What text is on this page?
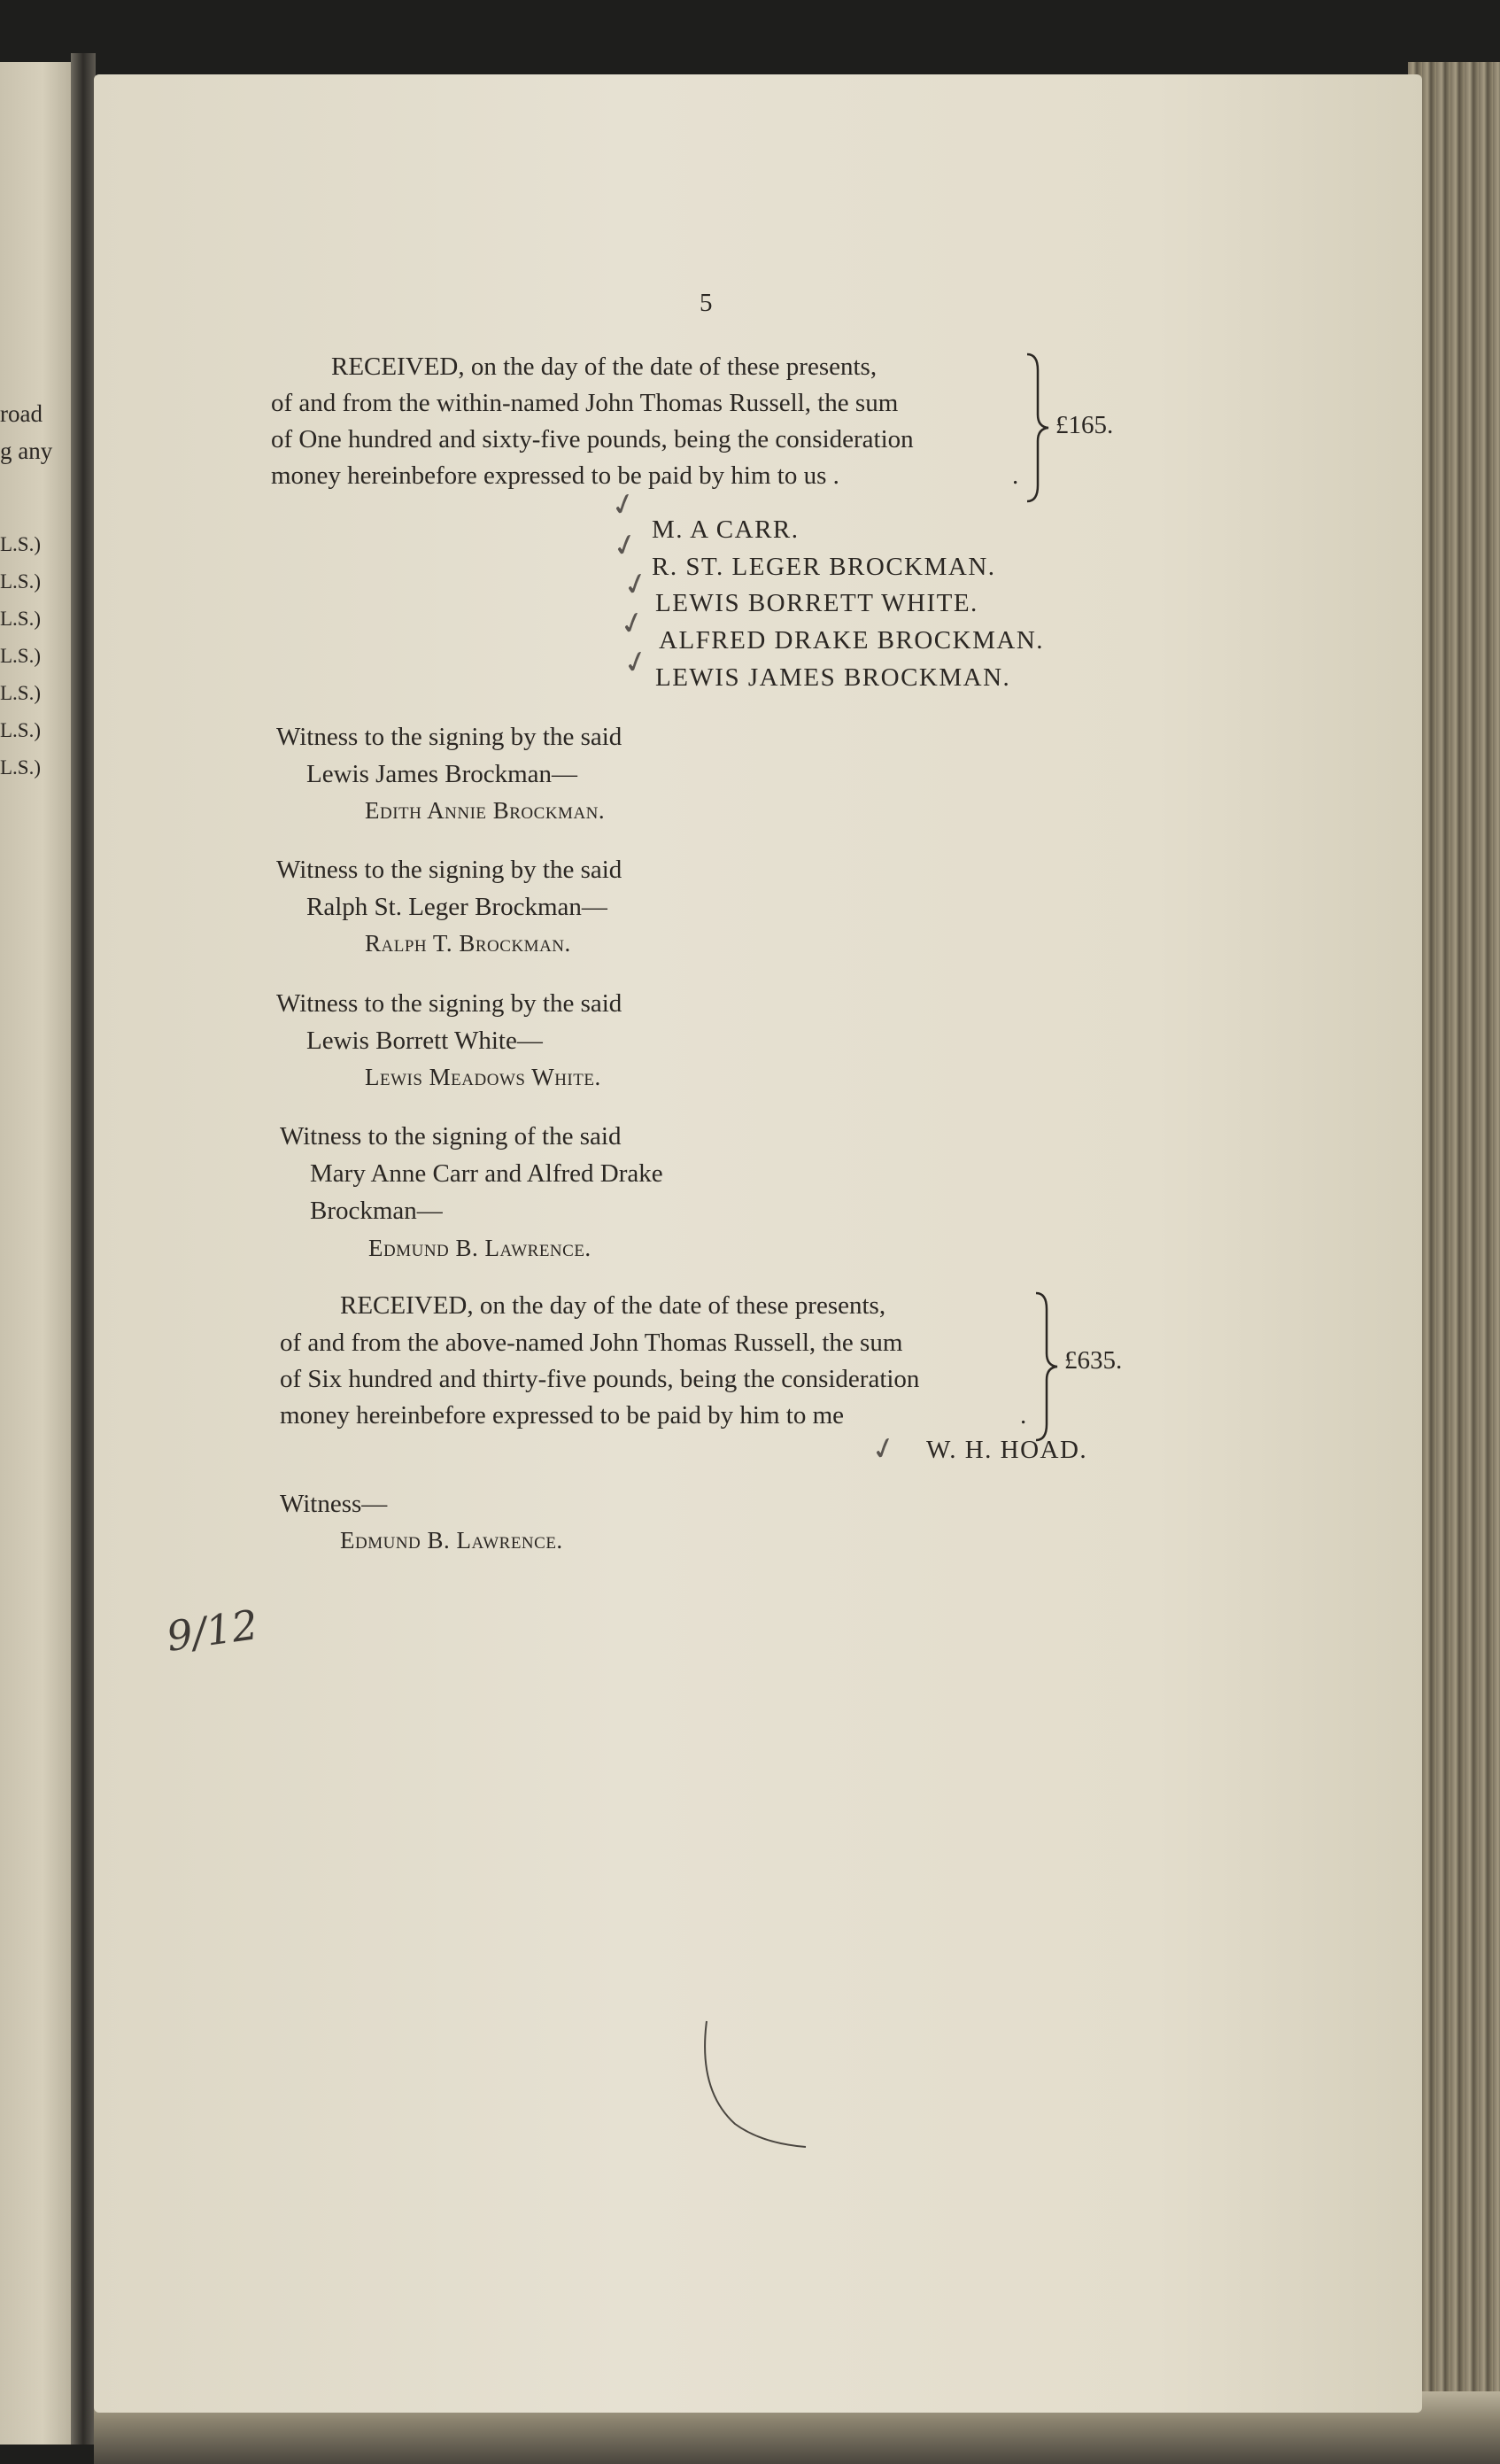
road
g any
L.S.)
L.S.)
L.S.)
L.S.)
L.S.)
L.S.)
L.S.)
5
RECEIVED, on the day of the date of these presents,
of and from the within-named John Thomas Russell, the sum
of One hundred and sixty-five pounds, being the consideration
money hereinbefore expressed to be paid by him to us .	.
£165.
✓
✓
✓
✓
✓
M. A CARR.
R. ST. LEGER BROCKMAN.
LEWIS BORRETT WHITE.
ALFRED DRAKE BROCKMAN.
LEWIS JAMES BROCKMAN.
Witness to the signing by the said
Lewis James Brockman—
Edith Annie Brockman.
Witness to the signing by the said
Ralph St. Leger Brockman—
Ralph T. Brockman.
Witness to the signing by the said
Lewis Borrett White—
Lewis Meadows White.
Witness to the signing of the said
Mary Anne Carr and Alfred Drake
Brockman—
Edmund B. Lawrence.
RECEIVED, on the day of the date of these presents,
of and from the above-named John Thomas Russell, the sum
of Six hundred and thirty-five pounds, being the consideration
money hereinbefore expressed to be paid by him to me	.
£635.
✓ W. H. HOAD.
Witness—
Edmund B. Lawrence.
9/12
